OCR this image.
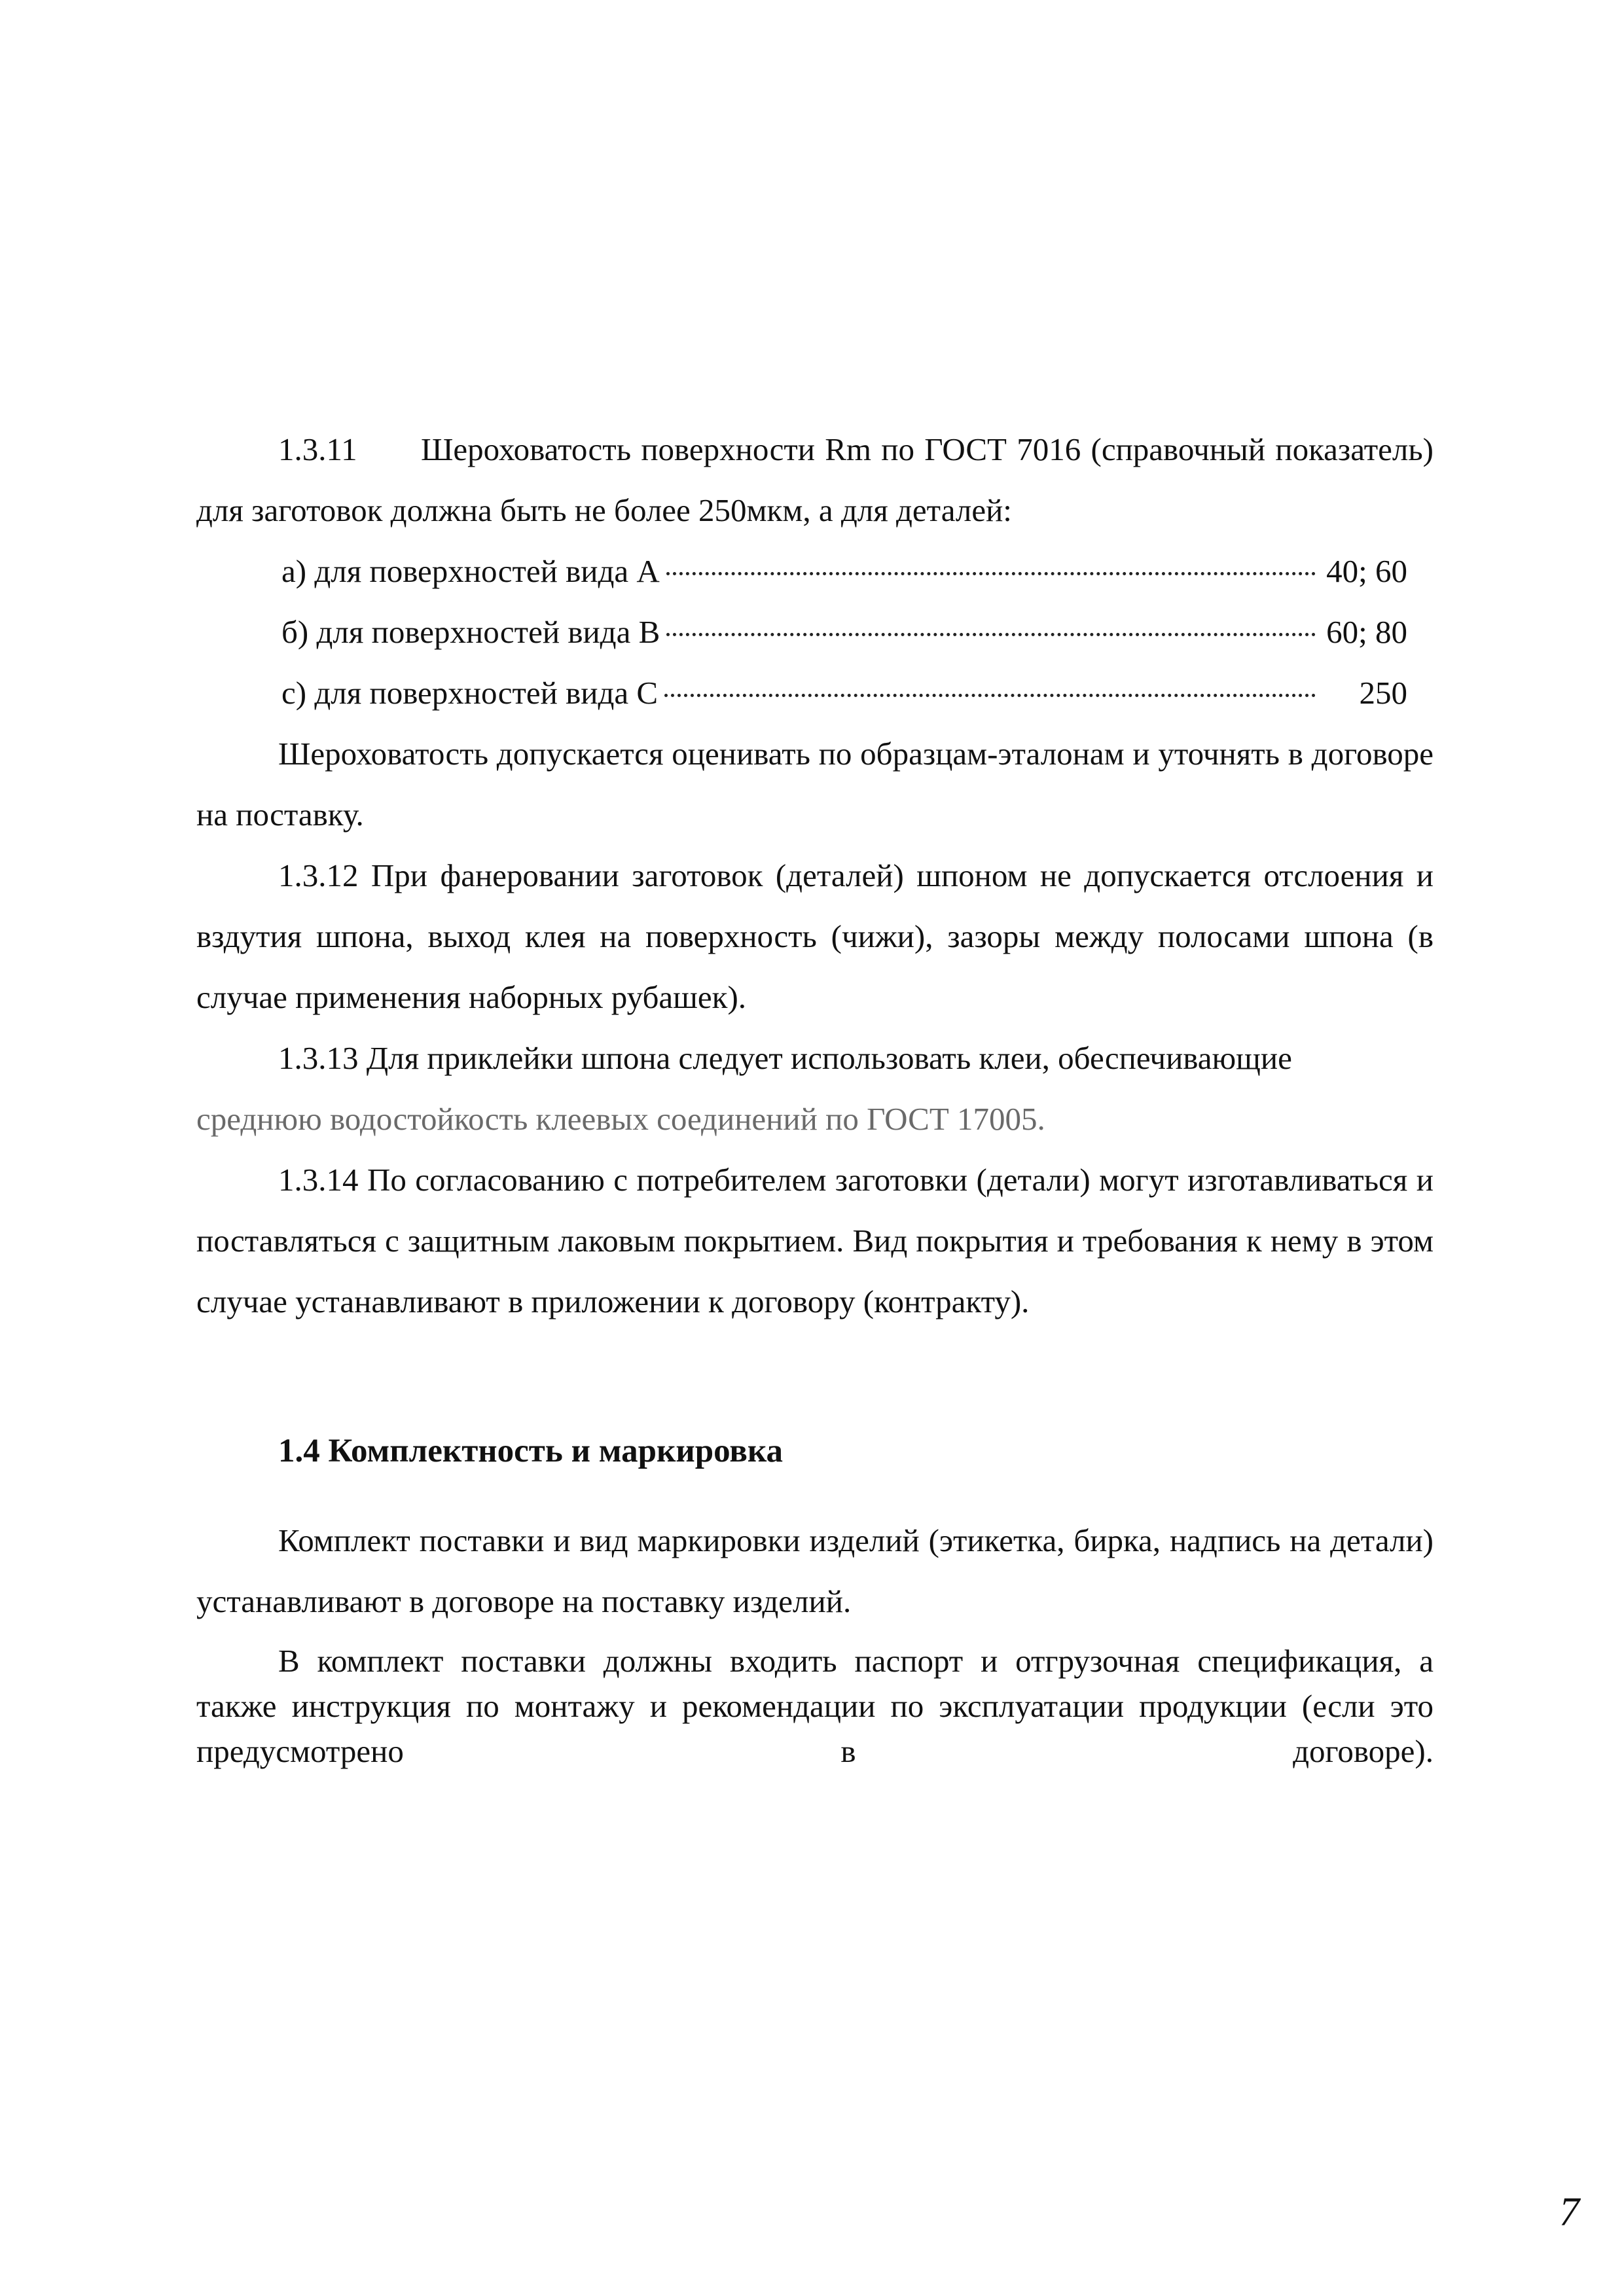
1.3.11 Шероховатость поверхности Rm по ГОСТ 7016 (справочный показатель) для заготовок должна быть не более 250мкм, а для деталей:

а) для поверхностей вида А	40; 60
б) для поверхностей вида В	60; 80
с) для поверхностей вида С	250

Шероховатость допускается оценивать по образцам-эталонам и уточнять в договоре на поставку.

1.3.12 При фанеровании заготовок (деталей) шпоном не допускается отслоения и вздутия шпона, выход клея на поверхность (чижи), зазоры между полосами шпона (в случае применения наборных рубашек).

1.3.13 Для приклейки шпона следует использовать клеи, обеспечивающие

среднюю водостойкость клеевых соединений по ГОСТ 17005.

1.3.14 По согласованию с потребителем заготовки (детали) могут изготавливаться и поставляться с защитным лаковым покрытием. Вид покрытия и требования к нему в этом случае устанавливают в приложении к договору (контракту).

1.4 Комплектность и маркировка

Комплект поставки и вид маркировки изделий (этикетка, бирка, надпись на детали) устанавливают в договоре на поставку изделий.

В комплект поставки должны входить паспорт и отгрузочная спецификация, а также инструкция по монтажу и рекомендации по эксплуатации продукции (если это предусмотрено в договоре).

7
